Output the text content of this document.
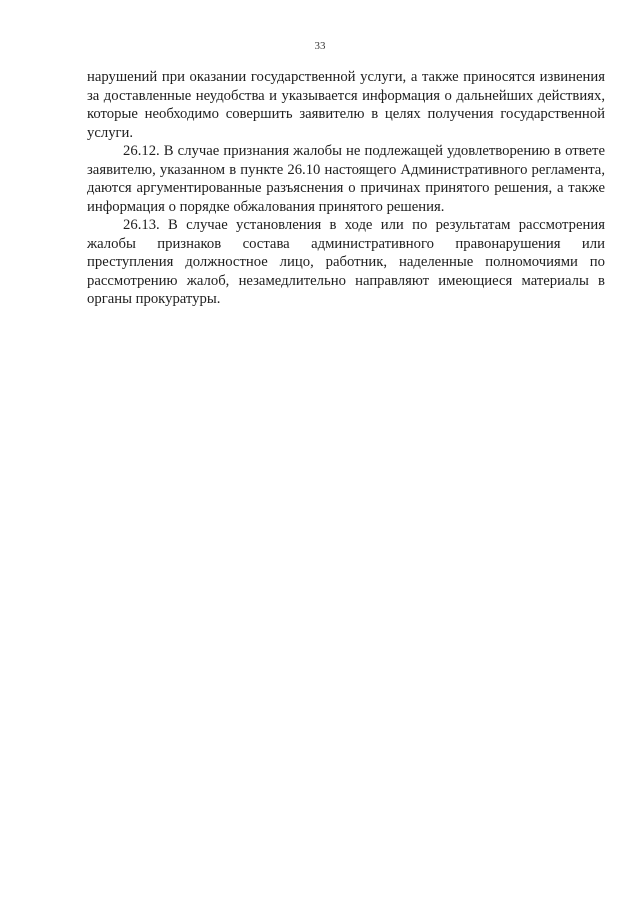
33

нарушений при оказании государственной услуги, а также приносятся извинения за доставленные неудобства и указывается информация о дальнейших действиях, которые необходимо совершить заявителю в целях получения государственной услуги.

26.12. В случае признания жалобы не подлежащей удовлетворению в ответе заявителю, указанном в пункте 26.10 настоящего Административного регламента, даются аргументированные разъяснения о причинах принятого решения, а также информация о порядке обжалования принятого решения.

26.13. В случае установления в ходе или по результатам рассмотрения жалобы признаков состава административного правонарушения или преступления должностное лицо, работник, наделенные полномочиями по рассмотрению жалоб, незамедлительно направляют имеющиеся материалы в органы прокуратуры.
